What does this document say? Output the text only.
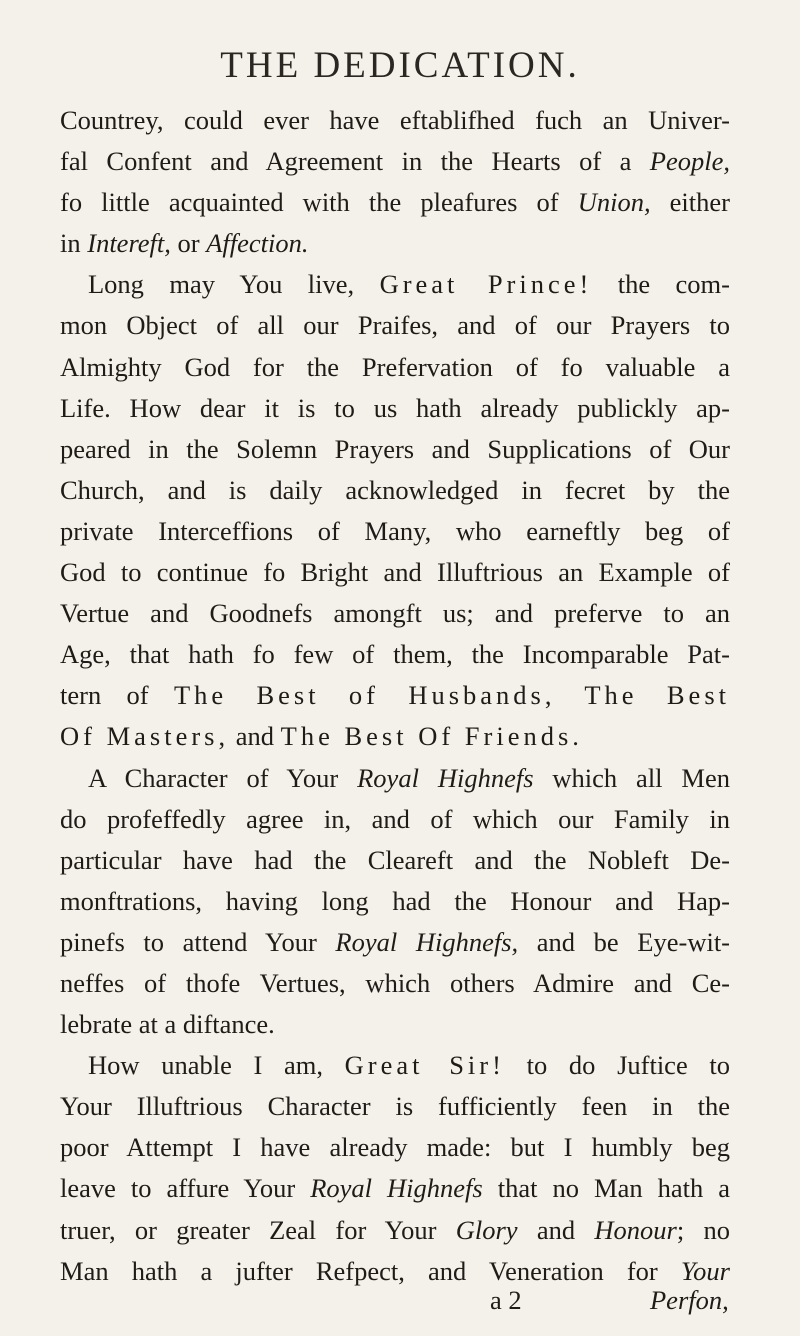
THE DEDICATION.
Countrey, could ever have eftablifhed fuch an Univer-
fal Confent and Agreement in the Hearts of a People,
fo little acquainted with the pleafures of Union, either
in Intereft, or Affection.
Long may You live, Great Prince! the com-
mon Object of all our Praifes, and of our Prayers to
Almighty God for the Prefervation of fo valuable a
Life. How dear it is to us hath already publickly ap-
peared in the Solemn Prayers and Supplications of Our
Church, and is daily acknowledged in fecret by the
private Interceffions of Many, who earneftly beg of
God to continue fo Bright and Illuftrious an Example of
Vertue and Goodnefs amongft us; and preferve to an
Age, that hath fo few of them, the Incomparable Pat-
tern of The Best of Husbands, The Best
Of Masters, and The Best Of Friends.
A Character of Your Royal Highnefs which all Men
do profeffedly agree in, and of which our Family in
particular have had the Cleareft and the Nobleft De-
monftrations, having long had the Honour and Hap-
pinefs to attend Your Royal Highnefs, and be Eye-wit-
neffes of thofe Vertues, which others Admire and Ce-
lebrate at a diftance.
How unable I am, Great Sir! to do Juftice to
Your Illuftrious Character is fufficiently feen in the
poor Attempt I have already made: but I humbly beg
leave to affure Your Royal Highnefs that no Man hath a
truer, or greater Zeal for Your Glory and Honour; no
Man hath a jufter Refpect, and Veneration for Your
a 2	Perfon,
